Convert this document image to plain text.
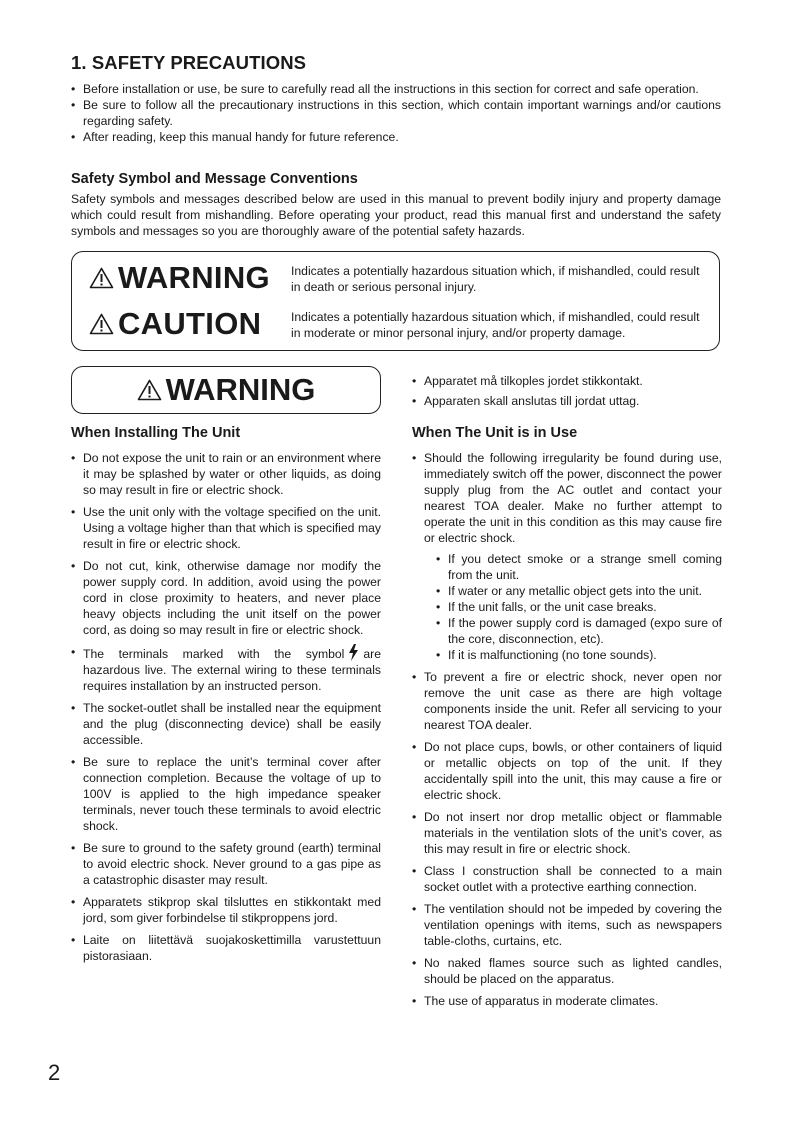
1. SAFETY PRECAUTIONS
• Before installation or use, be sure to carefully read all the instructions in this section for correct and safe operation.
• Be sure to follow all the precautionary instructions in this section, which contain important warnings and/or cautions regarding safety.
• After reading, keep this manual handy for future reference.
Safety Symbol and Message Conventions

Safety symbols and messages described below are used in this manual to prevent bodily injury and property damage which could result from mishandling. Before operating your product, read this manual first and understand the safety symbols and messages so you are thoroughly aware of the potential safety hazards.

WARNING Indicates a potentially hazardous situation which, if mishandled, could result in death or serious personal injury.
CAUTION Indicates a potentially hazardous situation which, if mishandled, could result in moderate or minor personal injury, and/or property damage.
WARNING
When Installing The Unit
• Do not expose the unit to rain or an environment where it may be splashed by water or other liquids, as doing so may result in fire or electric shock.
• Use the unit only with the voltage specified on the unit. Using a voltage higher than that which is specified may result in fire or electric shock.
• Do not cut, kink, otherwise damage nor modify the power supply cord. In addition, avoid using the power cord in close proximity to heaters, and never place heavy objects including the unit itself on the power cord, as doing so may result in fire or electric shock.
• The terminals marked with the symbol are hazardous live. The external wiring to these terminals requires installation by an instructed person.
• The socket-outlet shall be installed near the equipment and the plug (disconnecting device) shall be easily accessible.
• Be sure to replace the unit’s terminal cover after connection completion. Because the voltage of up to 100V is applied to the high impedance speaker terminals, never touch these terminals to avoid electric shock.
• Be sure to ground to the safety ground (earth) terminal to avoid electric shock. Never ground to a gas pipe as a catastrophic disaster may result.
• Apparatets stikprop skal tilsluttes en stikkontakt med jord, som giver forbindelse til stikproppens jord.
• Laite on liitettävä suojakoskettimilla varustettuun pistorasiaan.
• Apparatet må tilkoples jordet stikkontakt.
• Apparaten skall anslutas till jordat uttag.
When The Unit is in Use
• Should the following irregularity be found during use, immediately switch off the power, disconnect the power supply plug from the AC outlet and contact your nearest TOA dealer. Make no further attempt to operate the unit in this condition as this may cause fire or electric shock.
• If you detect smoke or a strange smell coming from the unit.
• If water or any metallic object gets into the unit.
• If the unit falls, or the unit case breaks.
• If the power supply cord is damaged (expo sure of the core, disconnection, etc).
• If it is malfunctioning (no tone sounds).
• To prevent a fire or electric shock, never open nor remove the unit case as there are high voltage components inside the unit. Refer all servicing to your nearest TOA dealer.
• Do not place cups, bowls, or other containers of liquid or metallic objects on top of the unit. If they accidentally spill into the unit, this may cause a fire or electric shock.
• Do not insert nor drop metallic object or flammable materials in the ventilation slots of the unit’s cover, as this may result in fire or electric shock.
• Class I construction shall be connected to a main socket outlet with a protective earthing connection.
• The ventilation should not be impeded by covering the ventilation openings with items, such as newspapers table-cloths, curtains, etc.
• No naked flames source such as lighted candles, should be placed on the apparatus.
• The use of apparatus in moderate climates.
2
